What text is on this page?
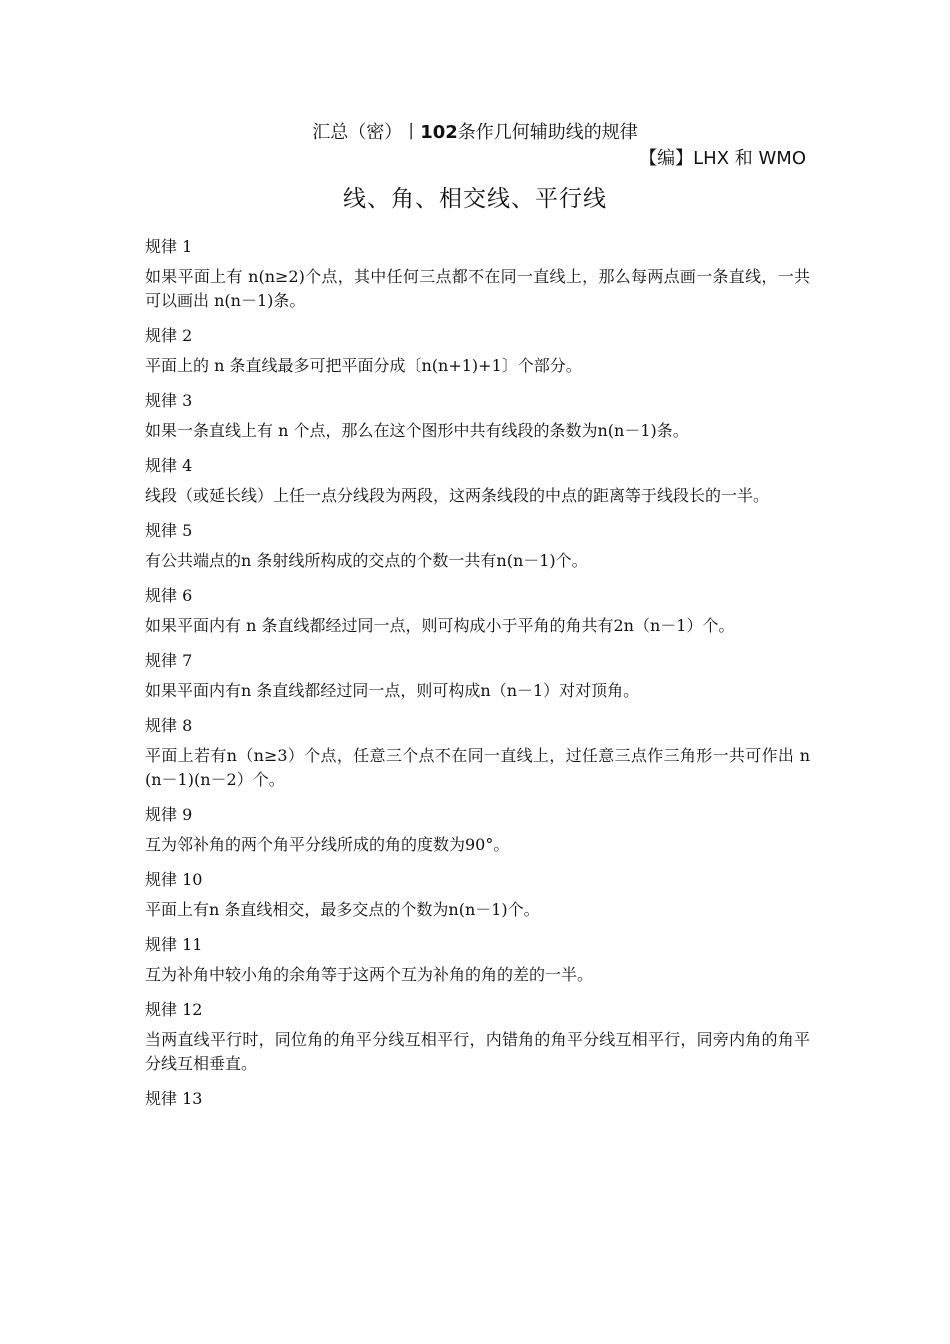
汇总（密）丨102条作几何辅助线的规律
【编】LHX 和 WMO
线、角、相交线、平行线
规律 1

如果平面上有 n(n≥2)个点，其中任何三点都不在同一直线上，那么每两点画一条直线，一共可以画出 n(n－1)条。

规律 2

平面上的 n 条直线最多可把平面分成〔n(n+1)+1〕个部分。

规律 3

如果一条直线上有 n 个点，那么在这个图形中共有线段的条数为n(n－1)条。

规律 4

线段（或延长线）上任一点分线段为两段，这两条线段的中点的距离等于线段长的一半。

规律 5

有公共端点的n 条射线所构成的交点的个数一共有n(n－1)个。

规律 6

如果平面内有 n 条直线都经过同一点，则可构成小于平角的角共有2n（n－1）个。

规律 7

如果平面内有n 条直线都经过同一点，则可构成n（n－1）对对顶角。

规律 8

平面上若有n（n≥3）个点，任意三个点不在同一直线上，过任意三点作三角形一共可作出 n(n－1)(n－2）个。

规律 9

互为邻补角的两个角平分线所成的角的度数为90°。

规律 10

平面上有n 条直线相交，最多交点的个数为n(n－1)个。

规律 11

互为补角中较小角的余角等于这两个互为补角的角的差的一半。

规律 12

当两直线平行时，同位角的角平分线互相平行，内错角的角平分线互相平行，同旁内角的角平分线互相垂直。

规律 13
